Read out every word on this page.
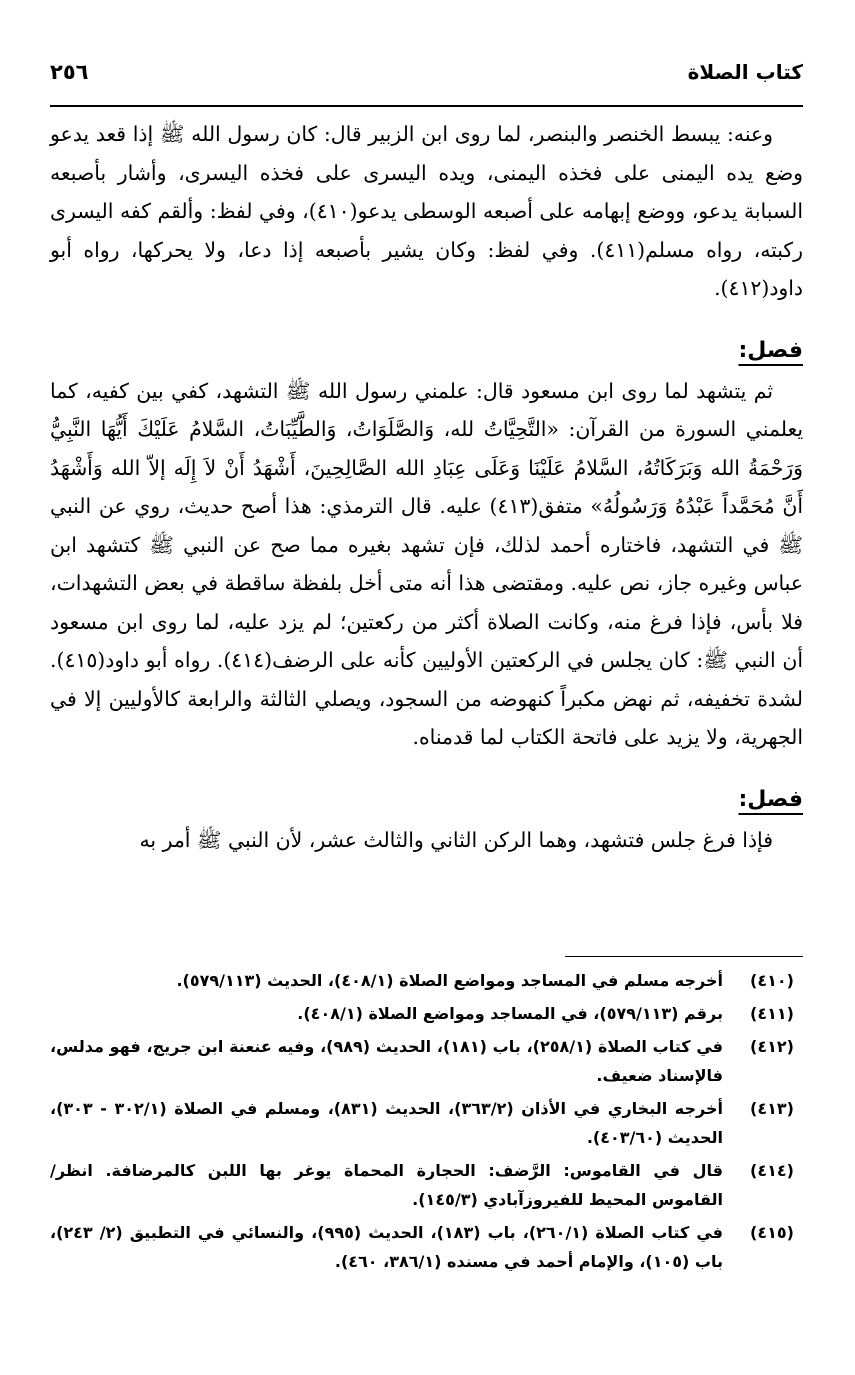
كتاب الصلاة
٢٥٦

وعنه: يبسط الخنصر والبنصر، لما روى ابن الزبير قال: كان رسول الله ﷺ إذا قعد يدعو وضع يده اليمنى على فخذه اليمنى، ويده اليسرى على فخذه اليسرى، وأشار بأصبعه السبابة يدعو، ووضع إبهامه على أصبعه الوسطى يدعو(٤١٠)، وفي لفظ: وألقم كفه اليسرى ركبته، رواه مسلم(٤١١). وفي لفظ: وكان يشير بأصبعه إذا دعا، ولا يحركها، رواه أبو داود(٤١٢).

فصل:

ثم يتشهد لما روى ابن مسعود قال: علمني رسول الله ﷺ التشهد، كفي بين كفيه، كما يعلمني السورة من القرآن: «التَّحِيَّاتُ لله، وَالصَّلَوَاتُ، وَالطَّيِّبَاتُ، السَّلامُ عَلَيْكَ أَيُّهَا النَّبِيُّ وَرَحْمَةُ الله وَبَرَكَاتُهُ، السَّلامُ عَلَيْنَا وَعَلَى عِبَادِ الله الصَّالِحِينَ، أَشْهَدُ أَنْ لاَ إِلَه إلاّ الله وَأَشْهَدُ أَنَّ مُحَمَّداً عَبْدُهُ وَرَسُولُهُ» متفق(٤١٣) عليه. قال الترمذي: هذا أصح حديث، روي عن النبي ﷺ في التشهد، فاختاره أحمد لذلك، فإن تشهد بغيره مما صح عن النبي ﷺ كتشهد ابن عباس وغيره جاز، نص عليه. ومقتضى هذا أنه متى أخل بلفظة ساقطة في بعض التشهدات، فلا بأس، فإذا فرغ منه، وكانت الصلاة أكثر من ركعتين؛ لم يزد عليه، لما روى ابن مسعود أن النبي ﷺ: كان يجلس في الركعتين الأوليين كأنه على الرضف(٤١٤). رواه أبو داود(٤١٥). لشدة تخفيفه، ثم نهض مكبراً كنهوضه من السجود، ويصلي الثالثة والرابعة كالأوليين إلا في الجهرية، ولا يزيد على فاتحة الكتاب لما قدمناه.

فصل:

فإذا فرغ جلس فتشهد، وهما الركن الثاني والثالث عشر، لأن النبي ﷺ أمر به

(٤١٠)
أخرجه مسلم في المساجد ومواضع الصلاة (٤٠٨/١)، الحديث (٥٧٩/١١٣).
(٤١١)
برقم (٥٧٩/١١٣)، في المساجد ومواضع الصلاة (٤٠٨/١).
(٤١٢)
في كتاب الصلاة (٢٥٨/١)، باب (١٨١)، الحديث (٩٨٩)، وفيه عنعنة ابن جريج، فهو مدلس، فالإسناد ضعيف.
(٤١٣)
أخرجه البخاري في الأذان (٣٦٣/٢)، الحديث (٨٣١)، ومسلم في الصلاة (٣٠٢/١ - ٣٠٣)، الحديث (٤٠٣/٦٠).
(٤١٤)
قال في القاموس: الرَّضف: الحجارة المحماة يوغر بها اللبن كالمرضافة. انظر/ القاموس المحيط للفيروزآبادي (١٤٥/٣).
(٤١٥)
في كتاب الصلاة (٢٦٠/١)، باب (١٨٣)، الحديث (٩٩٥)، والنسائي في التطبيق (٢/ ٢٤٣)، باب (١٠٥)، والإمام أحمد في مسنده (٣٨٦/١، ٤٦٠).
